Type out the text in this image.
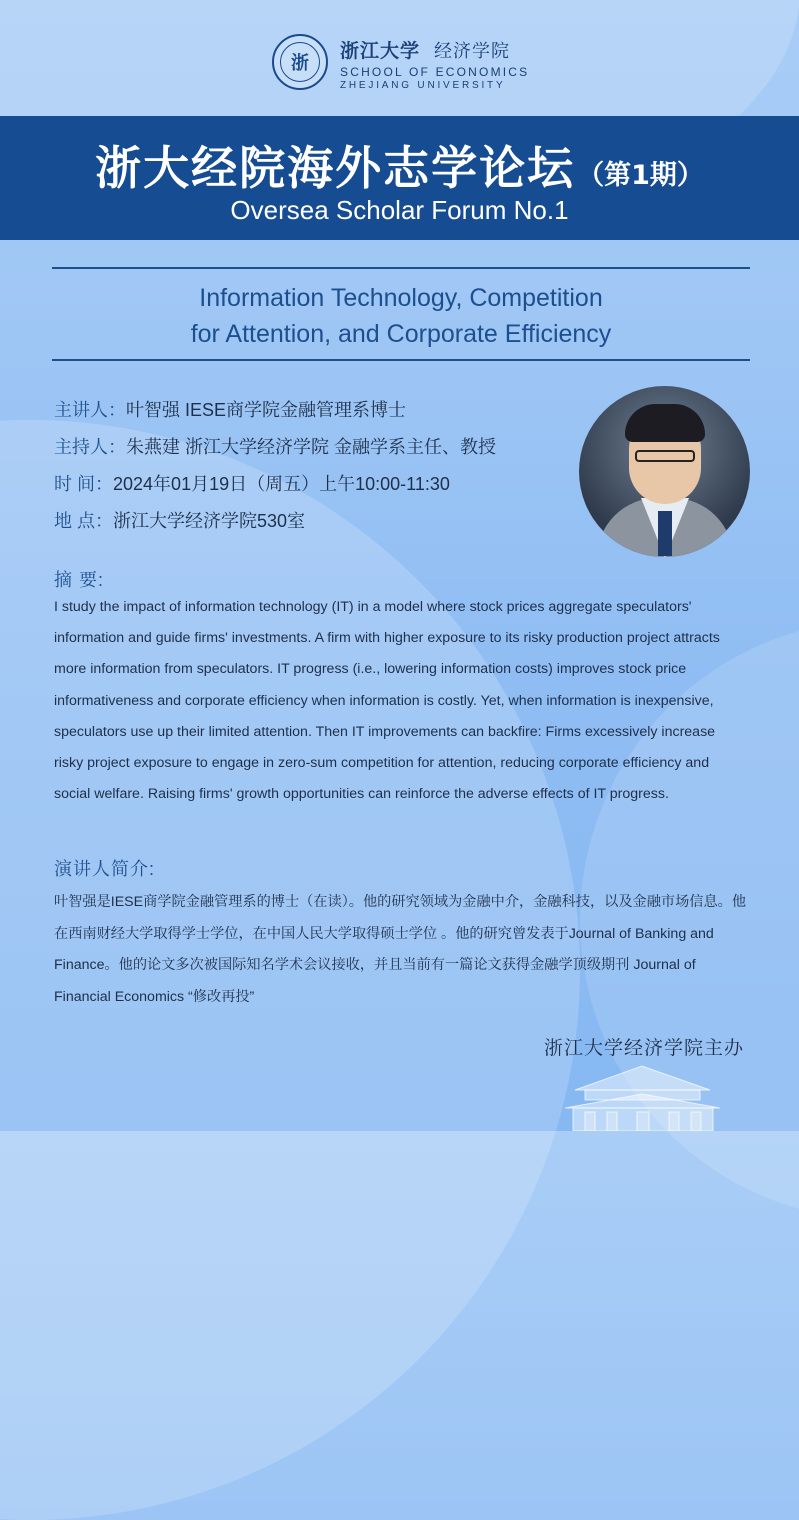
浙
浙江大学 经济学院
SCHOOL OF ECONOMICS
ZHEJIANG UNIVERSITY
浙大经院海外志学论坛（第1期）
Oversea Scholar Forum No.1
Information Technology, Competition
for Attention, and Corporate Efficiency
主讲人：叶智强 IESE商学院金融管理系博士
主持人：朱燕建 浙江大学经济学院 金融学系主任、教授
时 间：2024年01月19日（周五）上午10:00-11:30
地 点：浙江大学经济学院530室
摘 要:
I study the impact of information technology (IT) in a model where stock prices aggregate speculators' information and guide firms' investments. A firm with higher exposure to its risky production project attracts more information from speculators. IT progress (i.e., lowering information costs) improves stock price informativeness and corporate efficiency when information is costly. Yet, when information is inexpensive, speculators use up their limited attention. Then IT improvements can backfire: Firms excessively increase risky project exposure to engage in zero-sum competition for attention, reducing corporate efficiency and social welfare. Raising firms' growth opportunities can reinforce the adverse effects of IT progress.
演讲人简介:
叶智强是IESE商学院金融管理系的博士（在读）。他的研究领域为金融中介，金融科技，以及金融市场信息。他在西南财经大学取得学士学位，在中国人民大学取得硕士学位 。他的研究曾发表于Journal of Banking and Finance。他的论文多次被国际知名学术会议接收，并且当前有一篇论文获得金融学顶级期刊 Journal of Financial Economics “修改再投”
浙江大学经济学院主办
